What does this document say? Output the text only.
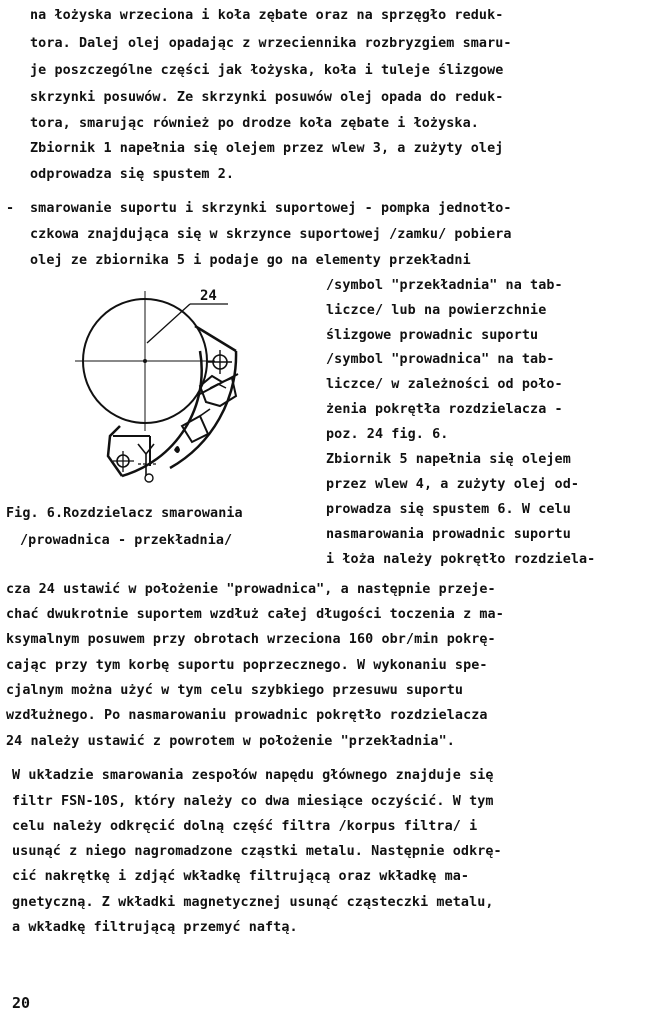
na łożyska wrzeciona i koła zębate oraz na sprzęgło reduk-
tora. Dalej olej opadając z wrzeciennika rozbryzgiem smaru-
je poszczególne części jak łożyska, koła i tuleje ślizgowe
skrzynki posuwów. Ze skrzynki posuwów olej opada do reduk-
tora, smarując również po drodze koła zębate i łożyska.
Zbiornik 1 napełnia się olejem przez wlew 3, a zużyty olej
odprowadza się spustem 2.
- smarowanie suportu i skrzynki suportowej - pompka jednotło-
czkowa znajdująca się w skrzynce suportowej /zamku/ pobiera
olej ze zbiornika 5 i podaje go na elementy przekładni
/symbol "przekładnia" na tab-
liczce/ lub na powierzchnie
ślizgowe prowadnic suportu
/symbol "prowadnica" na tab-
liczce/ w zależności od poło-
żenia pokrętła rozdzielacza -
poz. 24 fig. 6.
Zbiornik 5 napełnia się olejem
przez wlew 4, a zużyty olej od-
prowadza się spustem 6. W celu
nasmarowania prowadnic suportu
i łoża należy pokrętło rozdziela-
24
Fig. 6.Rozdzielacz smarowania
/prowadnica - przekładnia/
cza 24 ustawić w położenie "prowadnica", a następnie przeje-
chać dwukrotnie suportem wzdłuż całej długości toczenia z ma-
ksymalnym posuwem przy obrotach wrzeciona 160 obr/min pokrę-
cając przy tym korbę suportu poprzecznego. W wykonaniu spe-
cjalnym można użyć w tym celu szybkiego przesuwu suportu
wzdłużnego. Po nasmarowaniu prowadnic pokrętło rozdzielacza
24 należy ustawić z powrotem w położenie "przekładnia".
W układzie smarowania zespołów napędu głównego znajduje się
filtr FSN-10S, który należy co dwa miesiące oczyścić. W tym
celu należy odkręcić dolną część filtra /korpus filtra/ i
usunąć z niego nagromadzone cząstki metalu. Następnie odkrę-
cić nakrętkę i zdjąć wkładkę filtrującą oraz wkładkę ma-
gnetyczną. Z wkładki magnetycznej usunąć cząsteczki metalu,
a wkładkę filtrującą przemyć naftą.
20
